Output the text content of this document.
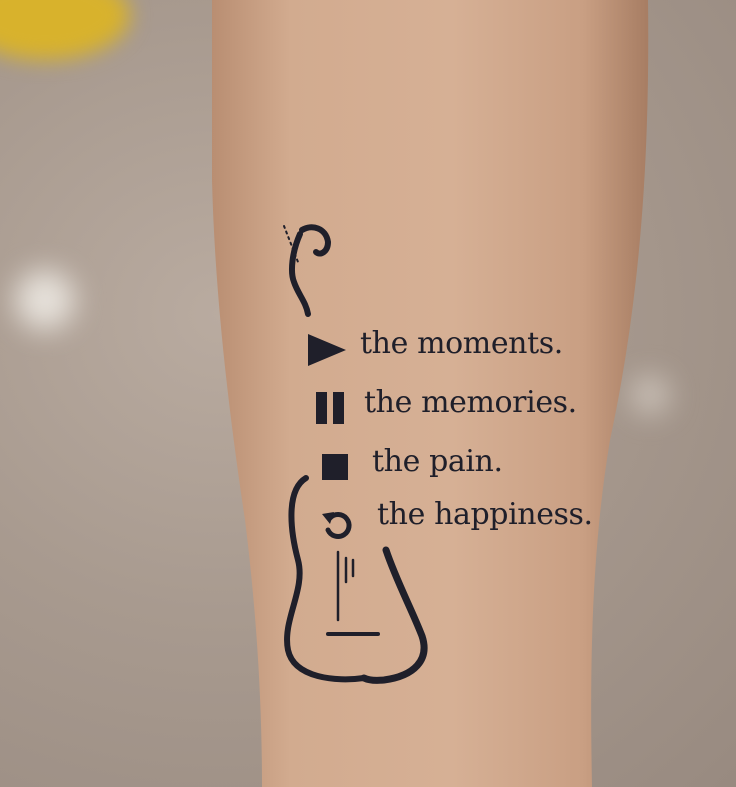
the moments.
the memories.
the pain.
the happiness.
